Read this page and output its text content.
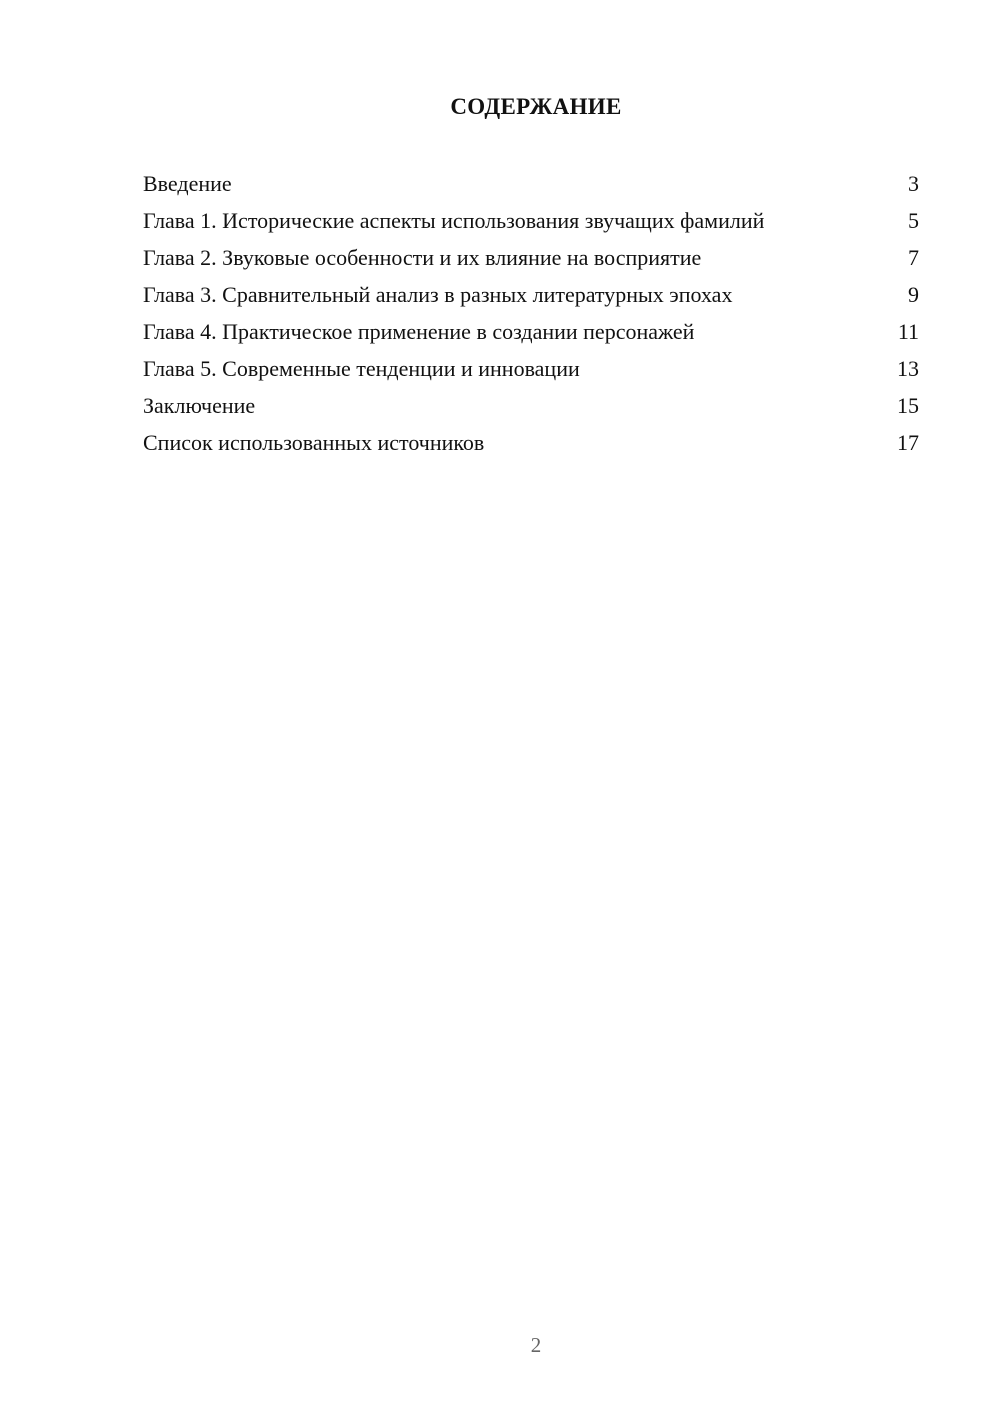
СОДЕРЖАНИЕ
Введение	3
Глава 1. Исторические аспекты использования звучащих фамилий	5
Глава 2. Звуковые особенности и их влияние на восприятие	7
Глава 3. Сравнительный анализ в разных литературных эпохах	9
Глава 4. Практическое применение в создании персонажей	11
Глава 5. Современные тенденции и инновации	13
Заключение	15
Список использованных источников	17
2
